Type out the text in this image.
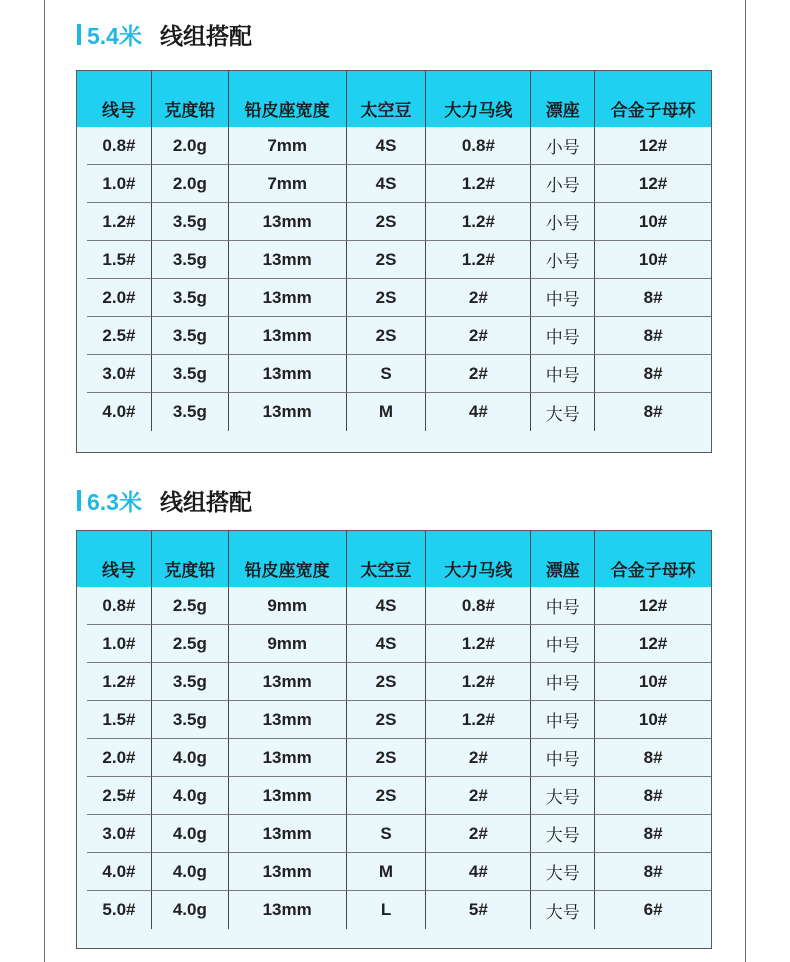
5.4米 线组搭配
线号	克度铅	铅皮座宽度	太空豆	大力马线	漂座	合金子母环
0.8#	2.0g	7mm	4S	0.8#	小号	12#
1.0#	2.0g	7mm	4S	1.2#	小号	12#
1.2#	3.5g	13mm	2S	1.2#	小号	10#
1.5#	3.5g	13mm	2S	1.2#	小号	10#
2.0#	3.5g	13mm	2S	2#	中号	8#
2.5#	3.5g	13mm	2S	2#	中号	8#
3.0#	3.5g	13mm	S	2#	中号	8#
4.0#	3.5g	13mm	M	4#	大号	8#
6.3米 线组搭配
线号	克度铅	铅皮座宽度	太空豆	大力马线	漂座	合金子母环
0.8#	2.5g	9mm	4S	0.8#	中号	12#
1.0#	2.5g	9mm	4S	1.2#	中号	12#
1.2#	3.5g	13mm	2S	1.2#	中号	10#
1.5#	3.5g	13mm	2S	1.2#	中号	10#
2.0#	4.0g	13mm	2S	2#	中号	8#
2.5#	4.0g	13mm	2S	2#	大号	8#
3.0#	4.0g	13mm	S	2#	大号	8#
4.0#	4.0g	13mm	M	4#	大号	8#
5.0#	4.0g	13mm	L	5#	大号	6#
